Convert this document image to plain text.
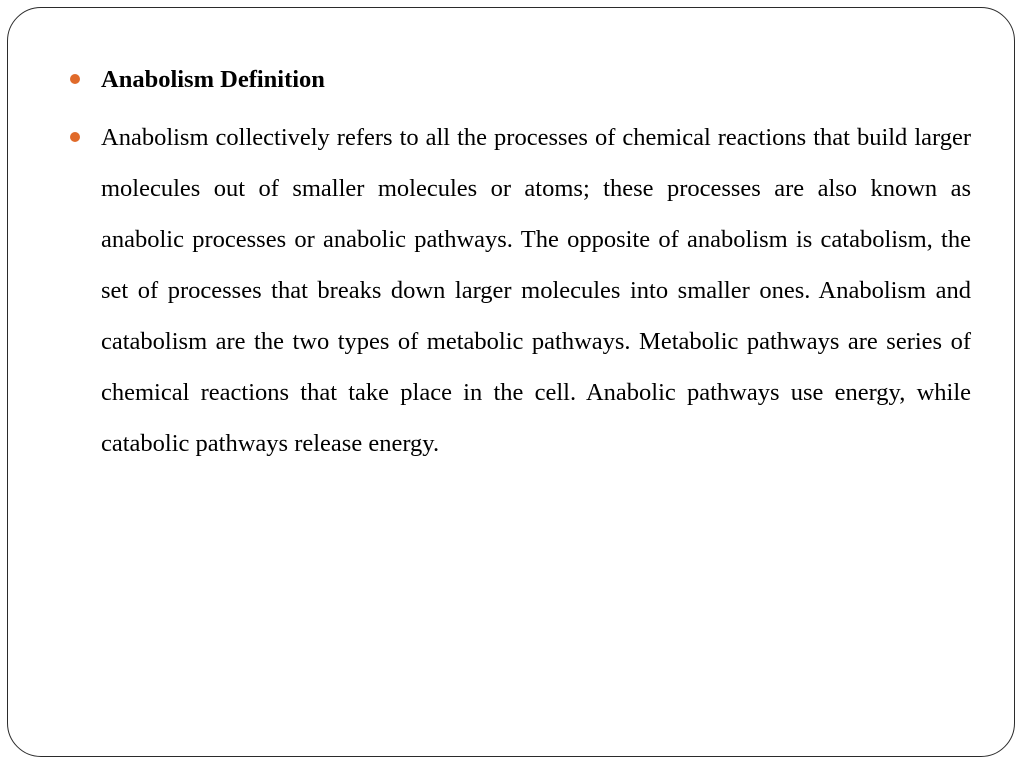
Anabolism Definition
Anabolism collectively refers to all the processes of chemical reactions that build larger molecules out of smaller molecules or atoms; these processes are also known as anabolic processes or anabolic pathways. The opposite of anabolism is catabolism, the set of processes that breaks down larger molecules into smaller ones. Anabolism and catabolism are the two types of metabolic pathways. Metabolic pathways are series of chemical reactions that take place in the cell. Anabolic pathways use energy, while catabolic pathways release energy.
